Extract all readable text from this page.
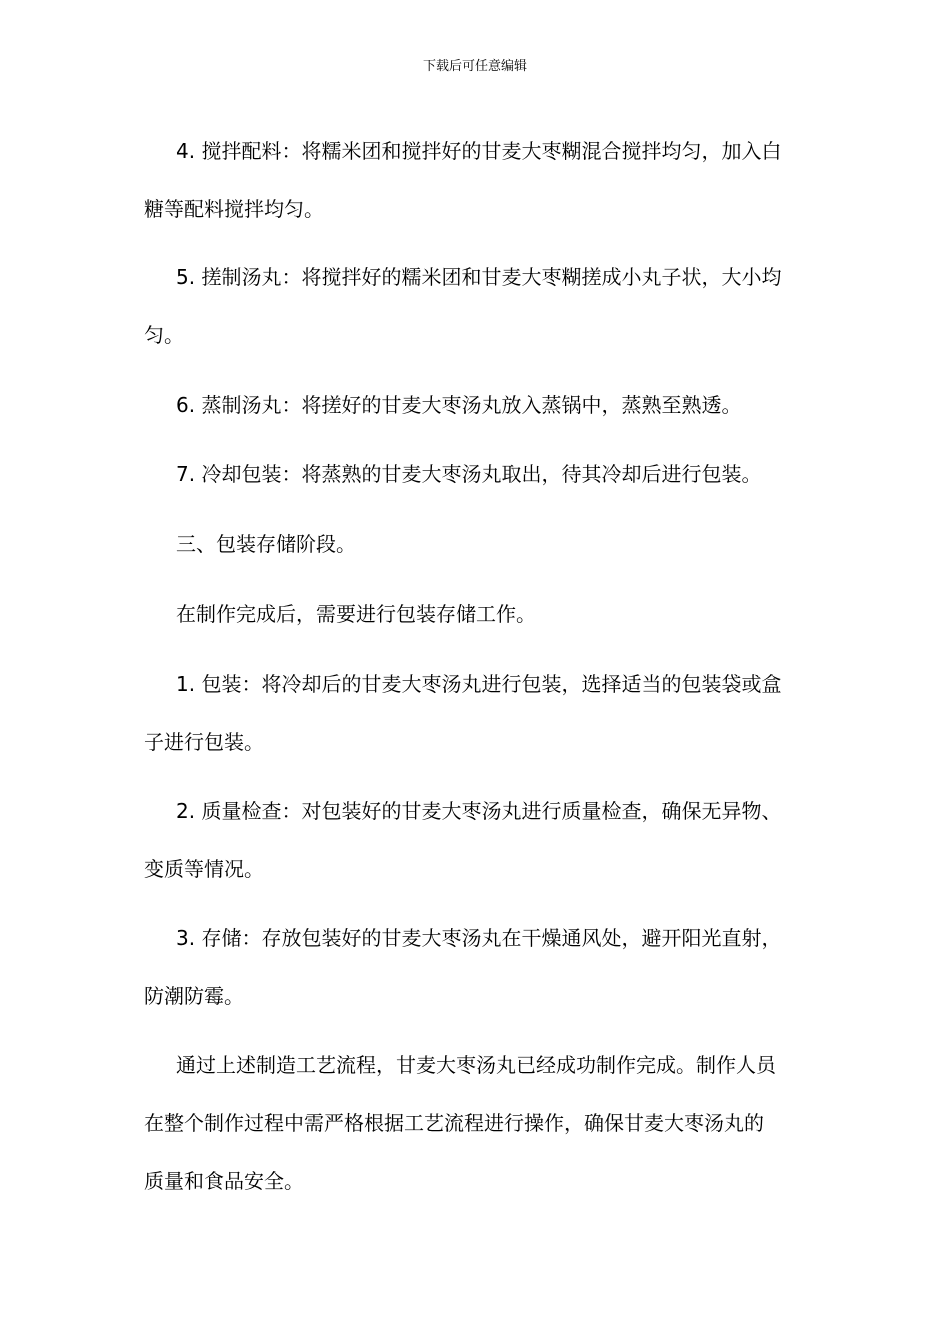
下载后可任意编辑
4. 搅拌配料：将糯米团和搅拌好的甘麦大枣糊混合搅拌均匀，加入白
糖等配料搅拌均匀。
5. 搓制汤丸：将搅拌好的糯米团和甘麦大枣糊搓成小丸子状，大小均
匀。
6. 蒸制汤丸：将搓好的甘麦大枣汤丸放入蒸锅中，蒸熟至熟透。
7. 冷却包装：将蒸熟的甘麦大枣汤丸取出，待其冷却后进行包装。
三、包装存储阶段。
在制作完成后，需要进行包装存储工作。
1. 包装：将冷却后的甘麦大枣汤丸进行包装，选择适当的包装袋或盒
子进行包装。
2. 质量检查：对包装好的甘麦大枣汤丸进行质量检查，确保无异物、
变质等情况。
3. 存储：存放包装好的甘麦大枣汤丸在干燥通风处，避开阳光直射，
防潮防霉。
通过上述制造工艺流程，甘麦大枣汤丸已经成功制作完成。制作人员
在整个制作过程中需严格根据工艺流程进行操作，确保甘麦大枣汤丸的
质量和食品安全。
